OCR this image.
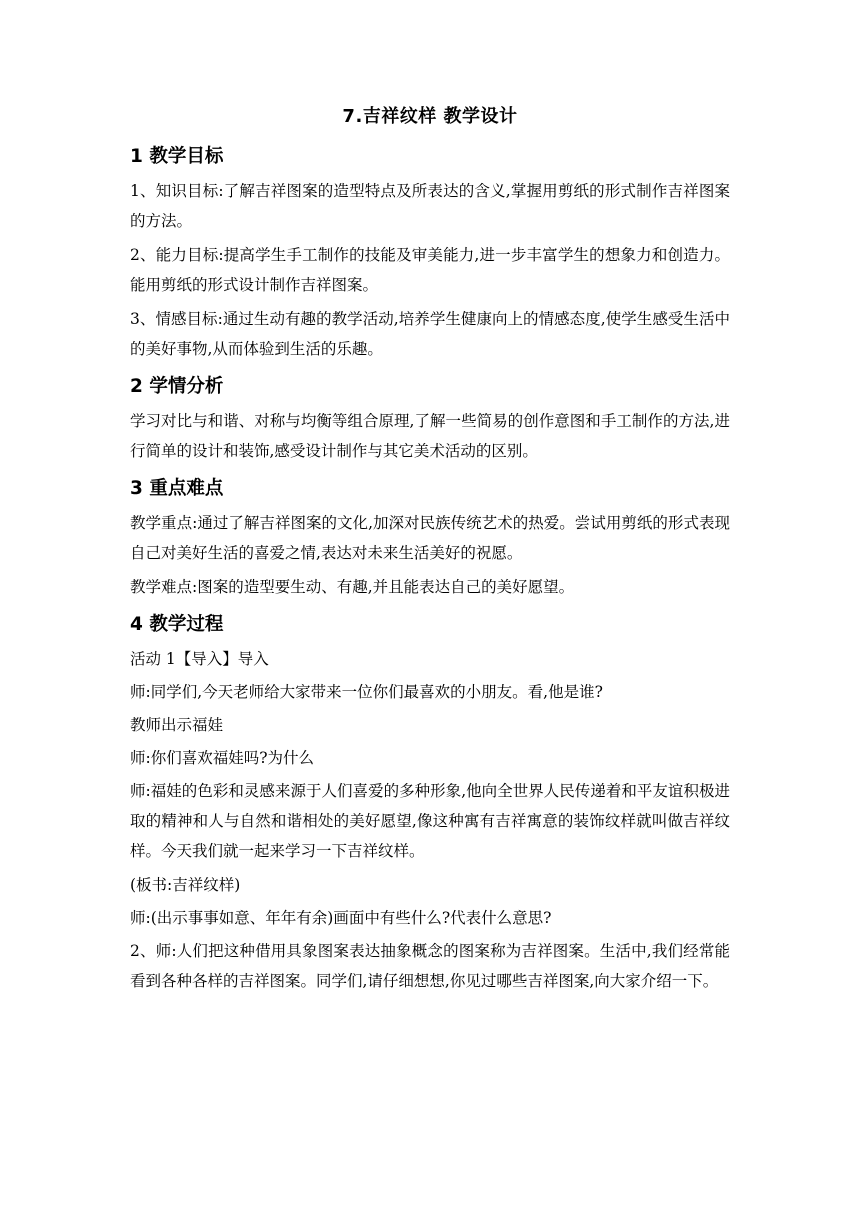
7.吉祥纹样 教学设计
1 教学目标

1、知识目标:了解吉祥图案的造型特点及所表达的含义,掌握用剪纸的形式制作吉祥图案的方法。

2、能力目标:提高学生手工制作的技能及审美能力,进一步丰富学生的想象力和创造力。能用剪纸的形式设计制作吉祥图案。

3、情感目标:通过生动有趣的教学活动,培养学生健康向上的情感态度,使学生感受生活中的美好事物,从而体验到生活的乐趣。

2 学情分析

学习对比与和谐、对称与均衡等组合原理,了解一些简易的创作意图和手工制作的方法,进行简单的设计和装饰,感受设计制作与其它美术活动的区别。

3 重点难点

教学重点:通过了解吉祥图案的文化,加深对民族传统艺术的热爱。尝试用剪纸的形式表现自己对美好生活的喜爱之情,表达对未来生活美好的祝愿。

教学难点:图案的造型要生动、有趣,并且能表达自己的美好愿望。

4 教学过程

活动 1【导入】导入

师:同学们,今天老师给大家带来一位你们最喜欢的小朋友。看,他是谁?

教师出示福娃

师:你们喜欢福娃吗?为什么

师:福娃的色彩和灵感来源于人们喜爱的多种形象,他向全世界人民传递着和平友谊积极进取的精神和人与自然和谐相处的美好愿望,像这种寓有吉祥寓意的装饰纹样就叫做吉祥纹样。今天我们就一起来学习一下吉祥纹样。

(板书:吉祥纹样)

师:(出示事事如意、年年有余)画面中有些什么?代表什么意思?

2、师:人们把这种借用具象图案表达抽象概念的图案称为吉祥图案。生活中,我们经常能看到各种各样的吉祥图案。同学们,请仔细想想,你见过哪些吉祥图案,向大家介绍一下。
